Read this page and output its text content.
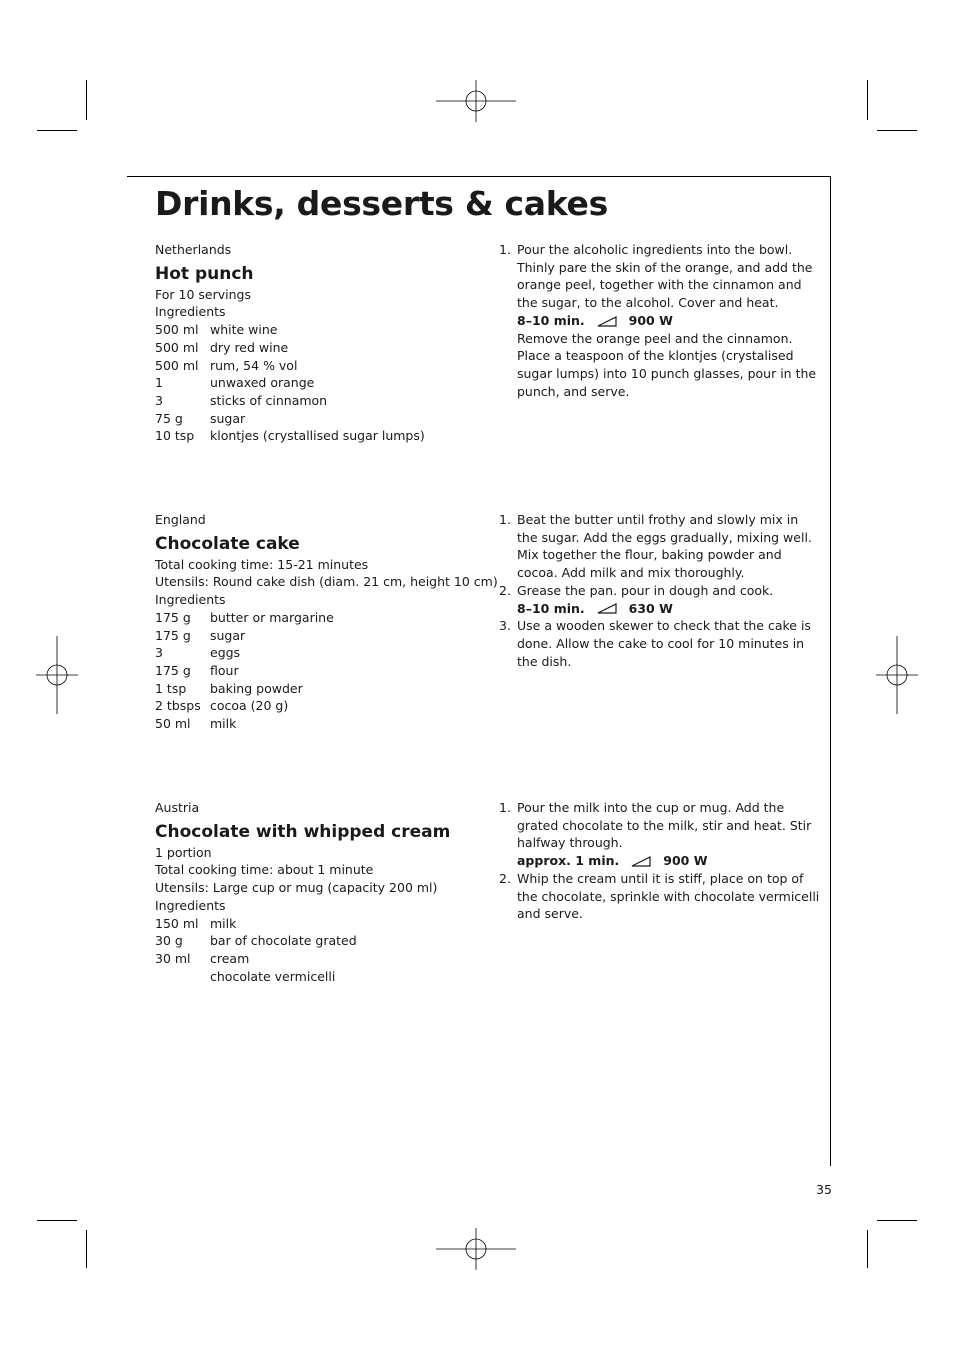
Drinks, desserts & cakes
Netherlands
Hot punch
For 10 servings
Ingredients
500 ml white wine
500 ml dry red wine
500 ml rum, 54 % vol
1	unwaxed orange
3	sticks of cinnamon
75 g	sugar
10 tsp	klontjes (crystallised sugar lumps)
1. Pour the alcoholic ingredients into the bowl. Thinly pare the skin of the orange, and add the orange peel, together with the cinnamon and the sugar, to the alcohol. Cover and heat.

8–10 min.	900 W

Remove the orange peel and the cinnamon. Place a teaspoon of the klontjes (crystalised sugar lumps) into 10 punch glasses, pour in the punch, and serve.

England
Chocolate cake
Total cooking time: 15-21 minutes
Utensils: Round cake dish (diam. 21 cm, height 10 cm)
Ingredients
175 g	butter or margarine
175 g	sugar
3	eggs
175 g	flour
1 tsp	baking powder
2 tbsps cocoa (20 g)
50 ml	milk
1. Beat the butter until frothy and slowly mix in the sugar. Add the eggs gradually, mixing well. Mix together the flour, baking powder and cocoa. Add milk and mix thoroughly.

2. Grease the pan. pour in dough and cook.

8–10 min.	630 W
3. Use a wooden skewer to check that the cake is done. Allow the cake to cool for 10 minutes in the dish.

Austria
Chocolate with whipped cream
1 portion
Total cooking time: about 1 minute
Utensils: Large cup or mug (capacity 200 ml)
Ingredients
150 ml milk
30 g	bar of chocolate grated
30 ml	cream
chocolate vermicelli
1. Pour the milk into the cup or mug. Add the grated chocolate to the milk, stir and heat. Stir halfway through.

approx. 1 min.	900 W
2. Whip the cream until it is stiff, place on top of the chocolate, sprinkle with chocolate vermicelli and serve.

35
